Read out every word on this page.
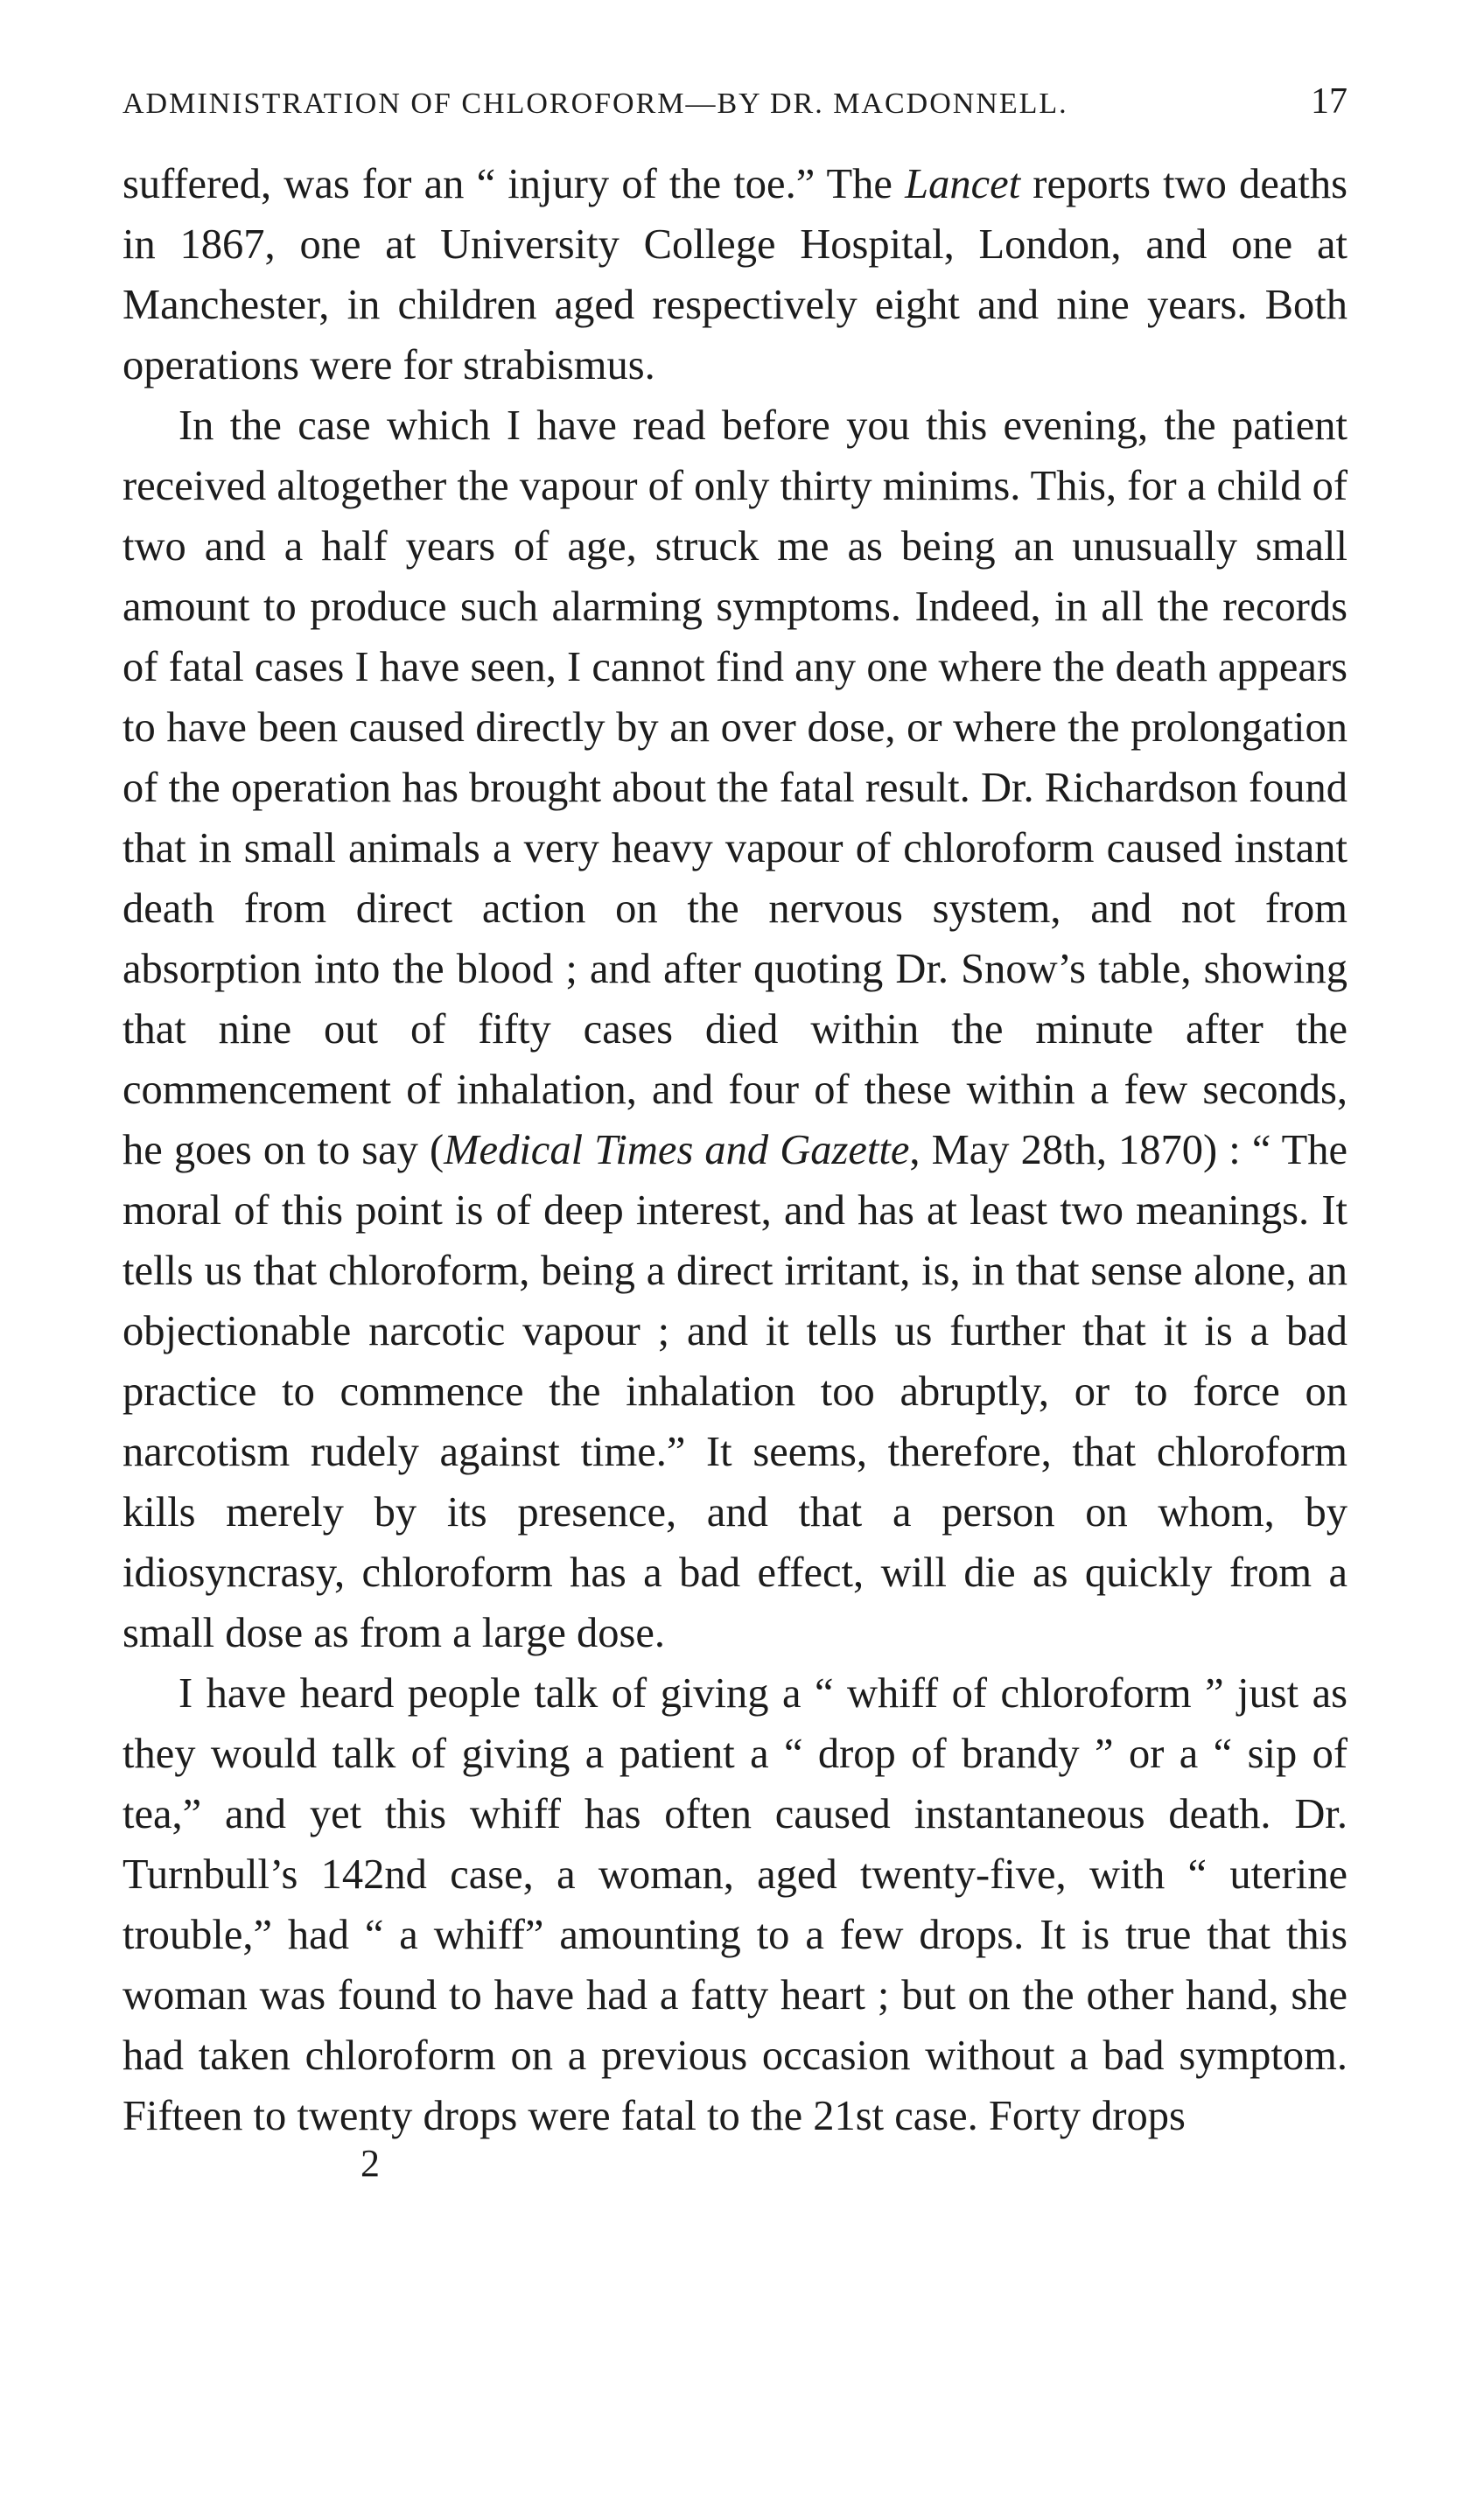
ADMINISTRATION OF CHLOROFORM—BY DR. MACDONNELL.	17

suffered, was for an “ injury of the toe.” The Lancet reports two deaths in 1867, one at University College Hospital, London, and one at Manchester, in children aged respectively eight and nine years. Both operations were for strabismus.

In the case which I have read before you this evening, the patient received altogether the vapour of only thirty minims. This, for a child of two and a half years of age, struck me as being an unusually small amount to produce such alarming symptoms. Indeed, in all the records of fatal cases I have seen, I cannot find any one where the death appears to have been caused directly by an over dose, or where the prolongation of the operation has brought about the fatal result. Dr. Richardson found that in small animals a very heavy vapour of chloroform caused instant death from direct action on the nervous system, and not from absorption into the blood ; and after quoting Dr. Snow’s table, showing that nine out of fifty cases died within the minute after the commencement of inhalation, and four of these within a few seconds, he goes on to say (Medical Times and Gazette, May 28th, 1870) : “ The moral of this point is of deep interest, and has at least two meanings. It tells us that chloroform, being a direct irritant, is, in that sense alone, an objectionable narcotic vapour ; and it tells us further that it is a bad practice to commence the inhalation too abruptly, or to force on narcotism rudely against time.” It seems, therefore, that chloroform kills merely by its presence, and that a person on whom, by idiosyncrasy, chloroform has a bad effect, will die as quickly from a small dose as from a large dose.

I have heard people talk of giving a “ whiff of chloroform ” just as they would talk of giving a patient a “ drop of brandy ” or a “ sip of tea,” and yet this whiff has often caused instantaneous death. Dr. Turnbull’s 142nd case, a woman, aged twenty-five, with “ uterine trouble,” had “ a whiff” amounting to a few drops. It is true that this woman was found to have had a fatty heart ; but on the other hand, she had taken chloroform on a previous occasion without a bad symptom. Fifteen to twenty drops were fatal to the 21st case. Forty drops

2
